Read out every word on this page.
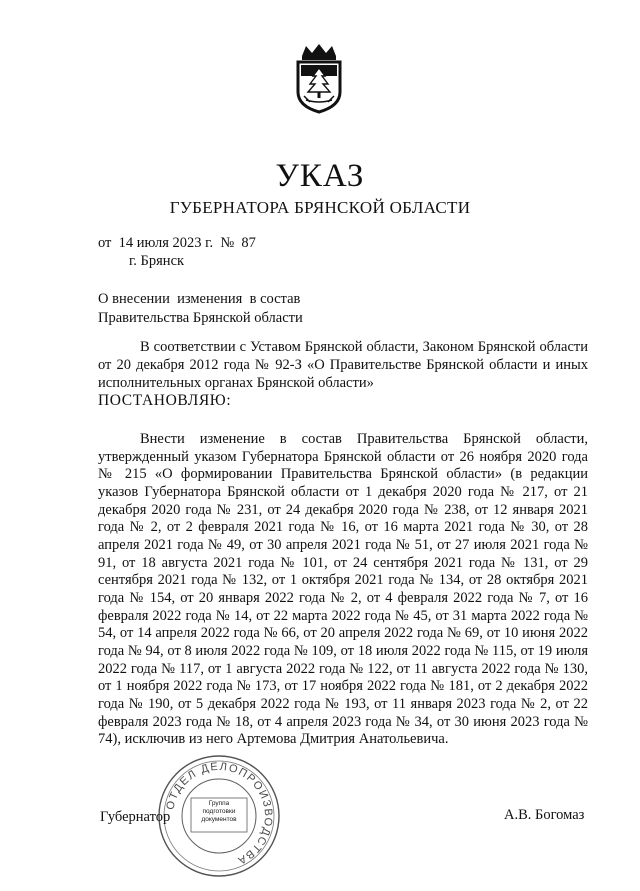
УКАЗ
ГУБЕРНАТОРА БРЯНСКОЙ ОБЛАСТИ
от  14 июля 2023 г.  №  87
г. Брянск
О внесении  изменения  в состав
Правительства Брянской области
В соответствии с Уставом Брянской области, Законом Брянской области от 20 декабря 2012 года № 92-З «О Правительстве Брянской области и иных исполнительных органах Брянской области»
ПОСТАНОВЛЯЮ:
Внести изменение в состав Правительства Брянской области, утвержденный указом Губернатора Брянской области от 26 ноября 2020 года № 215 «О формировании Правительства Брянской области» (в редакции указов Губернатора Брянской области от 1 декабря 2020 года № 217, от 21 декабря 2020 года № 231, от 24 декабря 2020 года № 238, от 12 января 2021 года № 2, от 2 февраля 2021 года № 16, от 16 марта 2021 года № 30, от 28 апреля 2021 года № 49, от 30 апреля 2021 года № 51, от 27 июля 2021 года № 91, от 18 августа 2021 года № 101, от 24 сентября 2021 года № 131, от 29 сентября 2021 года № 132, от 1 октября 2021 года № 134, от 28 октября 2021 года № 154, от 20 января 2022 года № 2, от 4 февраля 2022 года № 7, от 16 февраля 2022 года № 14, от 22 марта 2022 года № 45, от 31 марта 2022 года № 54, от 14 апреля 2022 года № 66, от 20 апреля 2022 года № 69, от 10 июня 2022 года № 94, от 8 июля 2022 года № 109, от 18 июля 2022 года № 115, от 19 июля 2022 года № 117, от 1 августа 2022 года № 122, от 11 августа 2022 года № 130, от 1 ноября 2022 года № 173, от 17 ноября 2022 года № 181, от 2 декабря 2022 года № 190, от 5 декабря 2022 года № 193, от 11 января 2023 года № 2, от 22 февраля 2023 года № 18, от 4 апреля 2023 года № 34, от 30 июня 2023 года № 74), исключив из него Артемова Дмитрия Анатольевича.
Губернатор	А.В. Богомаз
ОТДЕЛ ДЕЛОПРОИЗВОДСТВА
Группа
подготовки
документов
